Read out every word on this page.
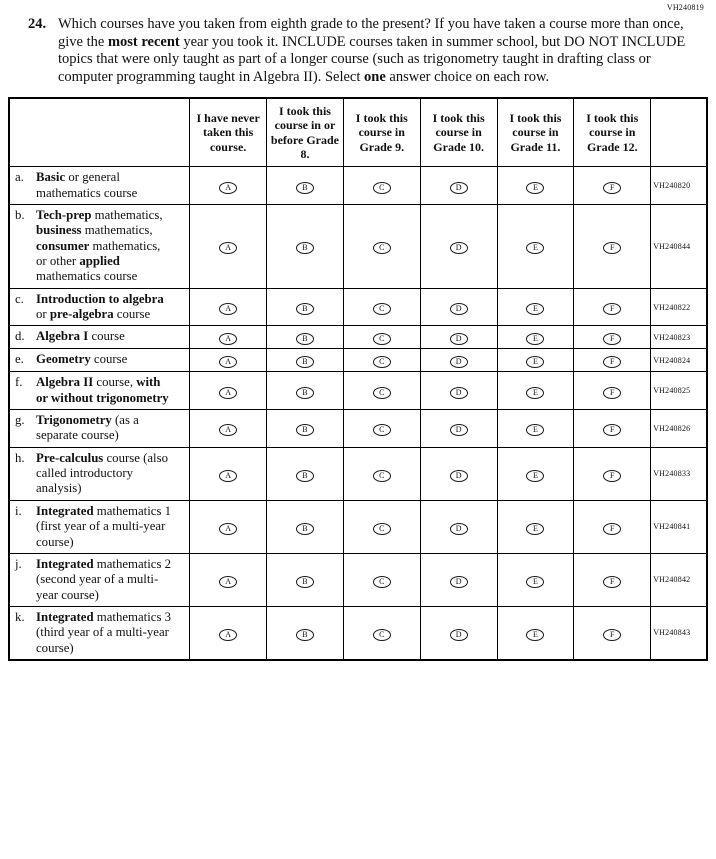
VH240819
24. Which courses have you taken from eighth grade to the present? If you have taken a course more than once, give the most recent year you took it. INCLUDE courses taken in summer school, but DO NOT INCLUDE topics that were only taught as part of a longer course (such as trigonometry taught in drafting class or computer programming taught in Algebra II). Select one answer choice on each row.
	I have never taken this course.	I took this course in or before Grade 8.	I took this course in Grade 9.	I took this course in Grade 10.	I took this course in Grade 11.	I took this course in Grade 12.	

a. Basic or general mathematics course	A	B	C	D	E	F	VH240820

b. Tech-prep mathematics, business mathematics, consumer mathematics, or other applied mathematics course	A	B	C	D	E	F	VH240844

c. Introduction to algebra or pre-algebra course	A	B	C	D	E	F	VH240822

d. Algebra I course	A	B	C	D	E	F	VH240823

e. Geometry course	A	B	C	D	E	F	VH240824

f. Algebra II course, with or without trigonometry	A	B	C	D	E	F	VH240825

g. Trigonometry (as a separate course)	A	B	C	D	E	F	VH240826

h. Pre-calculus course (also called introductory analysis)	A	B	C	D	E	F	VH240833

i. Integrated mathematics 1 (first year of a multi-year course)	A	B	C	D	E	F	VH240841

j. Integrated mathematics 2 (second year of a multi-year course)	A	B	C	D	E	F	VH240842

k. Integrated mathematics 3 (third year of a multi-year course)	A	B	C	D	E	F	VH240843
